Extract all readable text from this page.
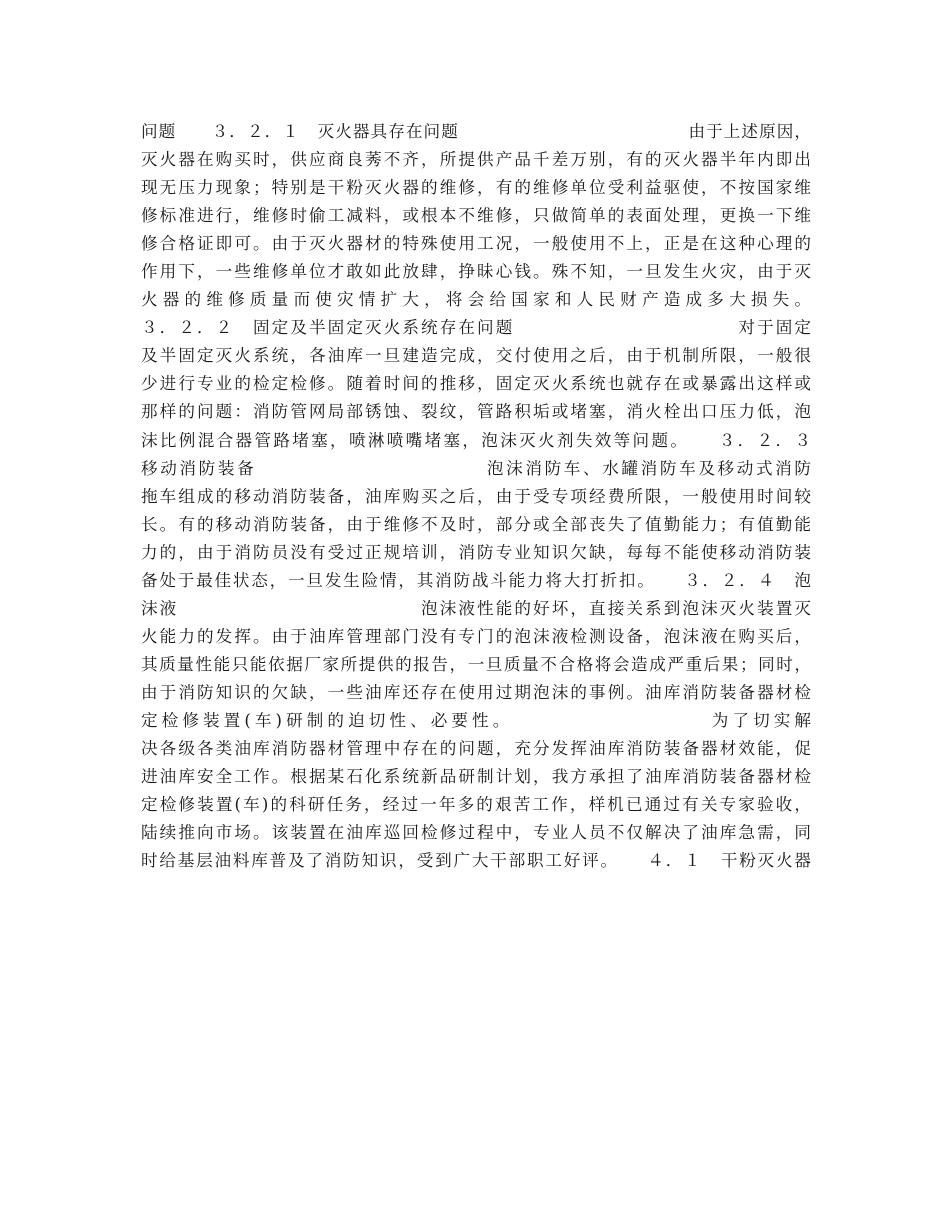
问题　　３．２．１　灭火器具存在问题　　　　　　　　　　　　　由于上述原因，
灭火器在购买时，供应商良莠不齐，所提供产品千差万别，有的灭火器半年内即出
现无压力现象；特别是干粉灭火器的维修，有的维修单位受利益驱使，不按国家维
修标准进行，维修时偷工减料，或根本不维修，只做简单的表面处理，更换一下维
修合格证即可。由于灭火器材的特殊使用工况，一般使用不上，正是在这种心理的
作用下，一些维修单位才敢如此放肆，挣昧心钱。殊不知，一旦发生火灾，由于灭
火器的维修质量而使灾情扩大，将会给国家和人民财产造成多大损失。
３．２．２　固定及半固定灭火系统存在问题　　　　　　　　　　　　对于固定
及半固定灭火系统，各油库一旦建造完成，交付使用之后，由于机制所限，一般很
少进行专业的检定检修。随着时间的推移，固定灭火系统也就存在或暴露出这样或
那样的问题：消防管网局部锈蚀、裂纹，管路积垢或堵塞，消火栓出口压力低，泡
沫比例混合器管路堵塞，喷淋喷嘴堵塞，泡沫灭火剂失效等问题。　　３．２．３
移动消防装备　　　　　　　　　　　　泡沫消防车、水罐消防车及移动式消防
拖车组成的移动消防装备，油库购买之后，由于受专项经费所限，一般使用时间较
长。有的移动消防装备，由于维修不及时，部分或全部丧失了值勤能力；有值勤能
力的，由于消防员没有受过正规培训，消防专业知识欠缺，每每不能使移动消防装
备处于最佳状态，一旦发生险情，其消防战斗能力将大打折扣。　　３．２．４　泡
沫液　　　　　　　　　　　　　泡沫液性能的好坏，直接关系到泡沫灭火装置灭
火能力的发挥。由于油库管理部门没有专门的泡沫液检测设备，泡沫液在购买后，
其质量性能只能依据厂家所提供的报告，一旦质量不合格将会造成严重后果；同时，
由于消防知识的欠缺，一些油库还存在使用过期泡沫的事例。油库消防装备器材检
定检修装置(车)研制的迫切性、必要性。　　　　　　　　　　为了切实解
决各级各类油库消防器材管理中存在的问题，充分发挥油库消防装备器材效能，促
进油库安全工作。根据某石化系统新品研制计划，我方承担了油库消防装备器材检
定检修装置(车)的科研任务，经过一年多的艰苦工作，样机已通过有关专家验收，
陆续推向市场。该装置在油库巡回检修过程中，专业人员不仅解决了油库急需，同
时给基层油料库普及了消防知识，受到广大干部职工好评。　　４．１　干粉灭火器
